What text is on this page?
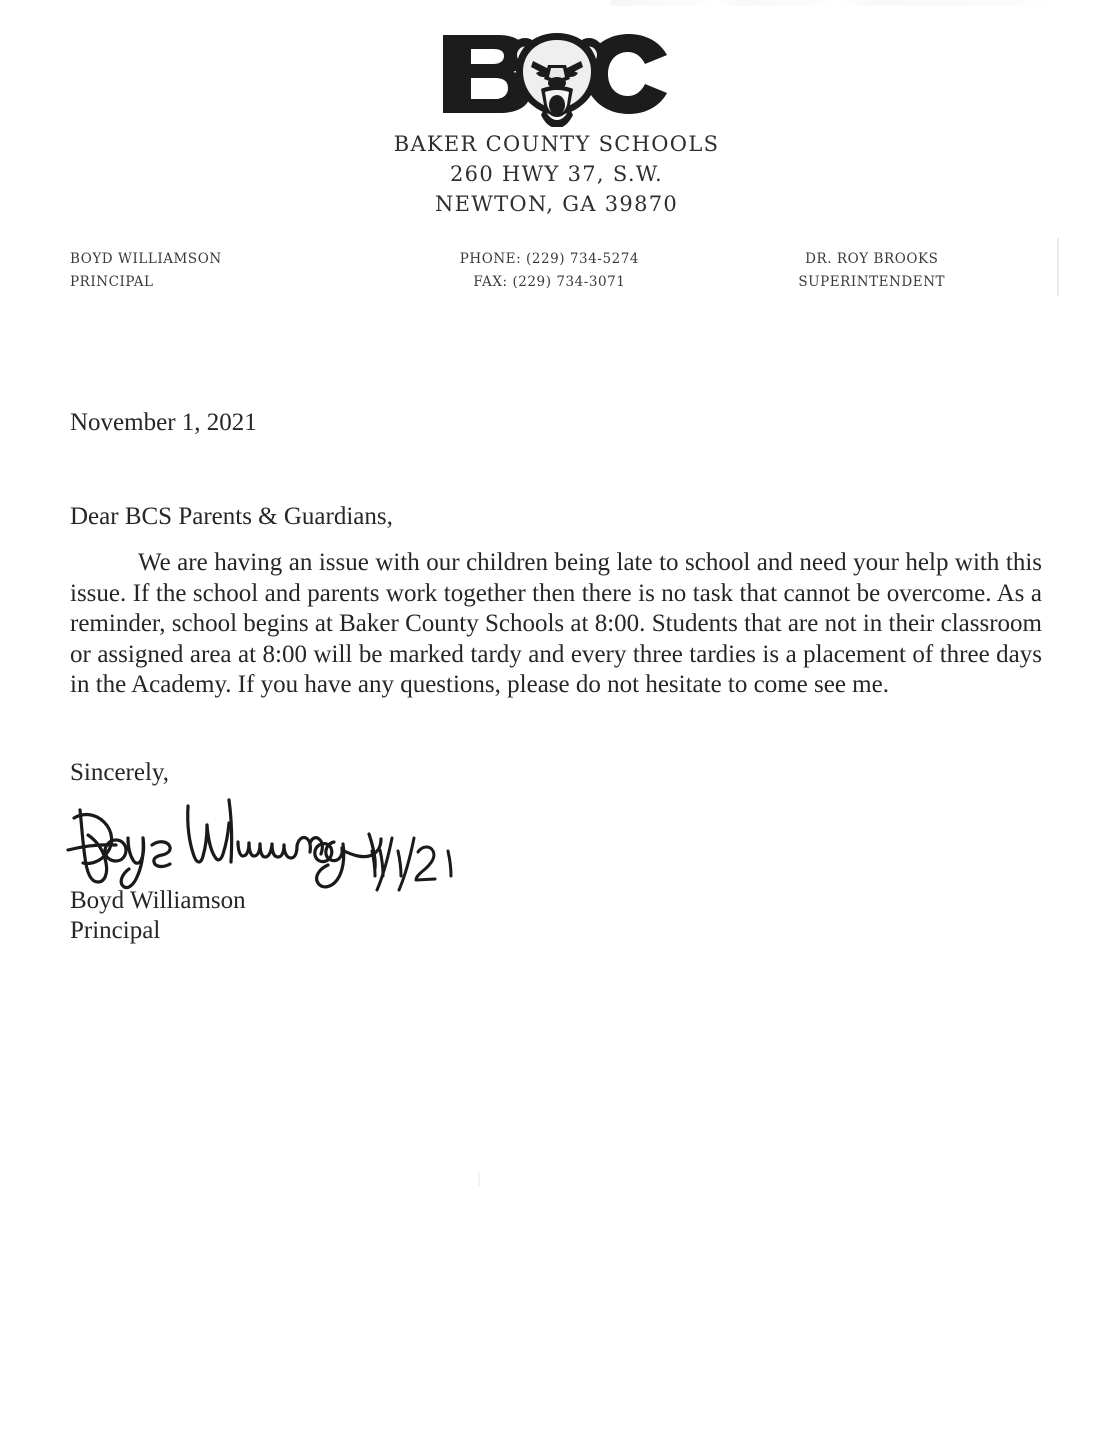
BAKER COUNTY SCHOOLS
260 HWY 37, S.W.
NEWTON, GA 39870
BOYD WILLIAMSON
PRINCIPAL
PHONE: (229) 734-5274
FAX: (229) 734-3071
DR. ROY BROOKS
SUPERINTENDENT
November 1, 2021
Dear BCS Parents & Guardians,
We are having an issue with our children being late to school and need your help with this issue. If the school and parents work together then there is no task that cannot be overcome. As a reminder, school begins at Baker County Schools at 8:00. Students that are not in their classroom or assigned area at 8:00 will be marked tardy and every three tardies is a placement of three days in the Academy. If you have any questions, please do not hesitate to come see me.
Sincerely,
Boyd Williamson
Principal
